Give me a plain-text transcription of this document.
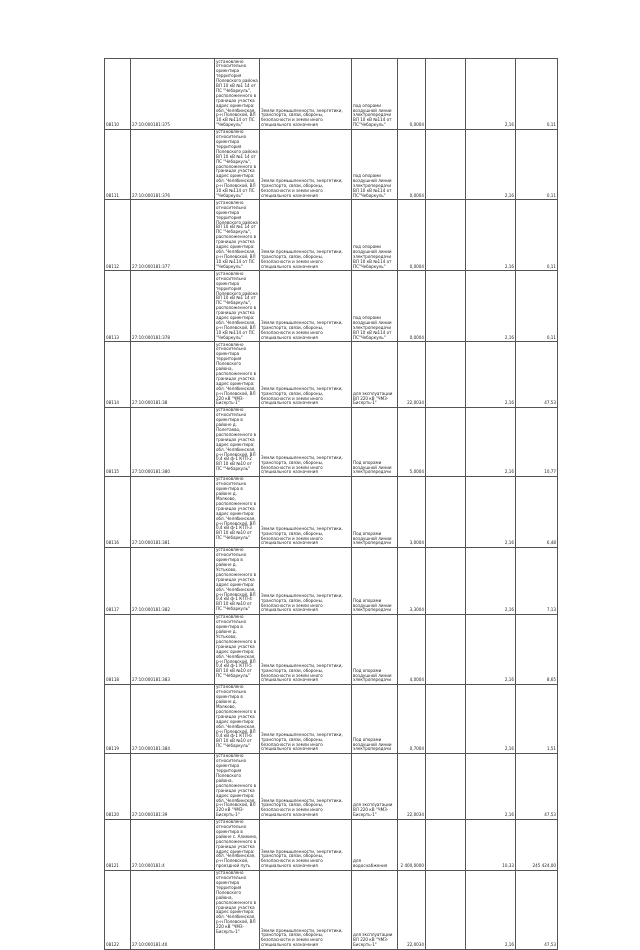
08110	27:10:000181:375	установлено относительно ориентира территория Полевского района ВЛ 10 кВ №1 14 от ПС "Чебаркуль", расположенного в границах участка адрес ориентира: обл. Челябинская, р-н Полевской, ВЛ 10 кВ №114 от ПС "Чебаркуль"	Земли промышленности, энергетики, транспорта, связи, обороны, безопасности и земли иного специального назначения	под опорами воздушной линии электропередачи ВЛ 10 кВ №114 от ПС"Чебаркуль"	0,0004		2,16	0,11
08111	27:10:000181:376	установлено относительно ориентира территория Полевского района ВЛ 10 кВ №1 14 от ПС "Чебаркуль", расположенного в границах участка адрес ориентира: обл. Челябинская, р-н Полевской, ВЛ 10 кВ №114 от ПС "Чебаркуль"	Земли промышленности, энергетики, транспорта, связи, обороны, безопасности и земли иного специального назначения	под опорами воздушной линии электропередачи ВЛ 10 кВ №114 от ПС"Чебаркуль"	0,0004		2,16	0,11
08112	27:10:000181:377	установлено относительно ориентира территория Полевского района ВЛ 10 кВ №1 14 от ПС "Чебаркуль", расположенного в границах участка адрес ориентира: обл. Челябинская, р-н Полевской, ВЛ 10 кВ №114 от ПС "Чебаркуль"	Земли промышленности, энергетики, транспорта, связи, обороны, безопасности и земли иного специального назначения	под опорами воздушной линии электропередачи ВЛ 10 кВ №114 от ПС"Чебаркуль"	0,0004		2,16	0,11
08113	27:10:000181:378	установлено относительно ориентира территория Полевского района ВЛ 10 кВ №1 14 от ПС "Чебаркуль", расположенного в границах участка адрес ориентира: обл. Челябинская, р-н Полевской, ВЛ 10 кВ №114 от ПС "Чебаркуль"	Земли промышленности, энергетики, транспорта, связи, обороны, безопасности и земли иного специального назначения	под опорами воздушной линии электропередачи ВЛ 10 кВ №114 от ПС"Чебаркуль"	0,0004		2,16	0,11
08114	27:10:000181:38	установлено относительно ориентира территория Полевского района, расположенного в границах участка адрес ориентира: обл. Челябинская, р-н Полевской, ВЛ 220 кВ "ЧМЗ-Бисерть-1"	Земли промышленности, энергетики, транспорта, связи, обороны, безопасности и земли иного специального назначения	для эксплуатации ВЛ 220 кВ "ЧМЗ-Бисерть-1"	22,0034		2,16	47,53
08115	27:10:000181:380	установлено относительно ориентира в районе д. Полетаево, расположенного в границах участка адрес ориентира: обл. Челябинская, р-н Полевской, ВЛ 0,4 кВ ф-1 КТП-2 ВЛ 10 кВ №10 от ПС "Чебаркуль"	Земли промышленности, энергетики, транспорта, связи, обороны, безопасности и земли иного специального назначения	Под опорами воздушной линии электропередачи	5,0004		2,16	10,77
08116	27:10:000181:381	установлено относительно ориентира в районе д. Малково, расположенного в границах участка адрес ориентира: обл. Челябинская, р-н Полевской, ВЛ 0,4 кВ ф-1 КТП-3 ВЛ 10 кВ №10 от ПС "Чебаркуль"	Земли промышленности, энергетики, транспорта, связи, обороны, безопасности и земли иного специального назначения	Под опорами воздушной линии электропередачи	3,0004		2,16	6,48
08117	27:10:000181:382	установлено относительно ориентира в районе д. Устьково, расположенного в границах участка адрес ориентира: обл. Челябинская, р-н Полевской, ВЛ 0,4 кВ ф-1 КТП-4 ВЛ 10 кВ №10 от ПС "Чебаркуль"	Земли промышленности, энергетики, транспорта, связи, обороны, безопасности и земли иного специального назначения	Под опорами воздушной линии электропередачи	3,3004		2,16	7,13
08118	27:10:000181:383	установлено относительно ориентира в районе д. Устьково, расположенного в границах участка адрес ориентира: обл. Челябинская, р-н Полевской, ВЛ 0,4 кВ ф-1 КТП-5 ВЛ 10 кВ №10 от ПС "Чебаркуль"	Земли промышленности, энергетики, транспорта, связи, обороны, безопасности и земли иного специального назначения	Под опорами воздушной линии электропередачи	4,0004		2,16	8,65
08119	27:10:000181:384	установлено относительно ориентира в районе д. Малково, расположенного в границах участка адрес ориентира: обл. Челябинская, р-н Полевской, ВЛ 0,4 кВ ф-1 КТП-6 ВЛ 10 кВ №10 от ПС "Чебаркуль"	Земли промышленности, энергетики, транспорта, связи, обороны, безопасности и земли иного специального назначения	Под опорами воздушной линии электропередачи	0,7004		2,16	1,51
08120	27:10:000181:39	установлено относительно ориентира территория Полевского района, расположенного в границах участка адрес ориентира: обл. Челябинская, р-н Полевской, ВЛ 220 кВ "ЧМЗ-Бисерть-1"	Земли промышленности, энергетики, транспорта, связи, обороны, безопасности и земли иного специального назначения	для эксплуатации ВЛ 220 кВ "ЧМЗ-Бисерть-1"	22,0034		2,16	47,53
08121	27:10:000181:4	установлено относительно ориентира в районе с. Аликино, расположенного в границах участка адрес ориентира: обл. Челябинская, р-н Полевской, проездной путь	Земли промышленности, энергетики, транспорта, связи, обороны, безопасности и земли иного специального назначения	для водоснабжения	2 400,0000		10,33	245 424,00
08122	27:10:000181:40	установлено относительно ориентира территория Полевского района, расположенного в границах участка адрес ориентира: обл. Челябинская, р-н Полевской, ВЛ 220 кВ "ЧМЗ-Бисерть-1"	Земли промышленности, энергетики, транспорта, связи, обороны, безопасности и земли иного специального назначения	для эксплуатации ВЛ 220 кВ "ЧМЗ-Бисерть-1"	22,0034		2,16	47,53
